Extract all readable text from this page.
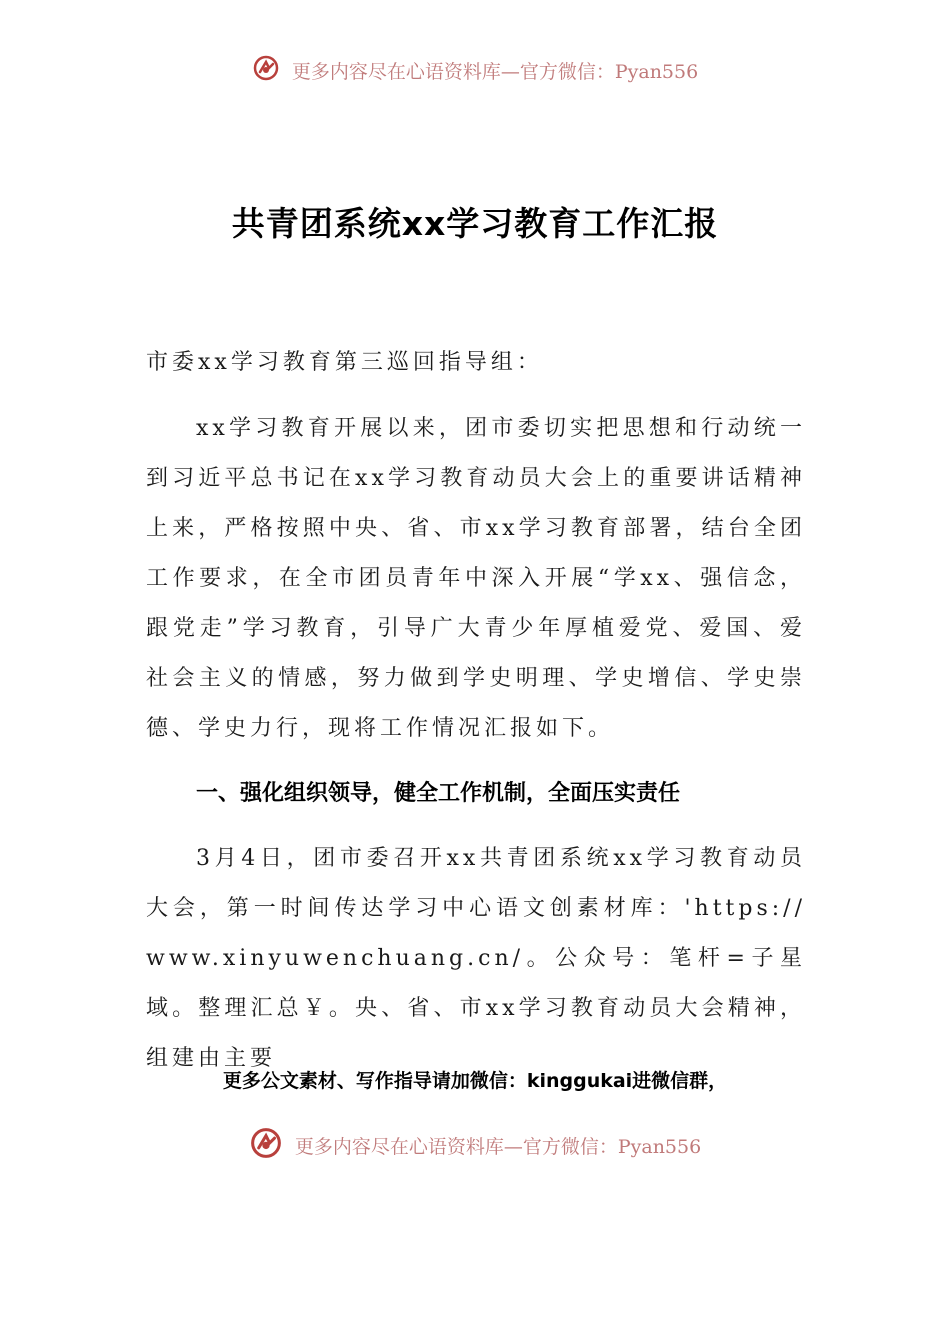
更多内容尽在心语资料库—官方微信：Pyan556
共青团系统xx学习教育工作汇报

市委xx学习教育第三巡回指导组：

xx学习教育开展以来，团市委切实把思想和行动统一到习近平总书记在xx学习教育动员大会上的重要讲话精神上来，严格按照中央、省、市xx学习教育部署，结台全团工作要求，在全市团员青年中深入开展“学xx、强信念，跟党走”学习教育，引导广大青少年厚植爱党、爱国、爱社会主义的情感，努力做到学史明理、学史增信、学史崇德、学史力行，现将工作情况汇报如下。

一、强化组织领导，健全工作机制，全面压实责任

3月4日，团市委召开xx共青团系统xx学习教育动员大会，第一时间传达学习中心语文创素材库：'https://www.xinyuwenchuang.cn/。公众号：笔杆=子星域。整理汇总￥。央、省、市xx学习教育动员大会精神，组建由主要

更多公文素材、写作指导请加微信：kinggukai进微信群，

更多内容尽在心语资料库—官方微信：Pyan556
